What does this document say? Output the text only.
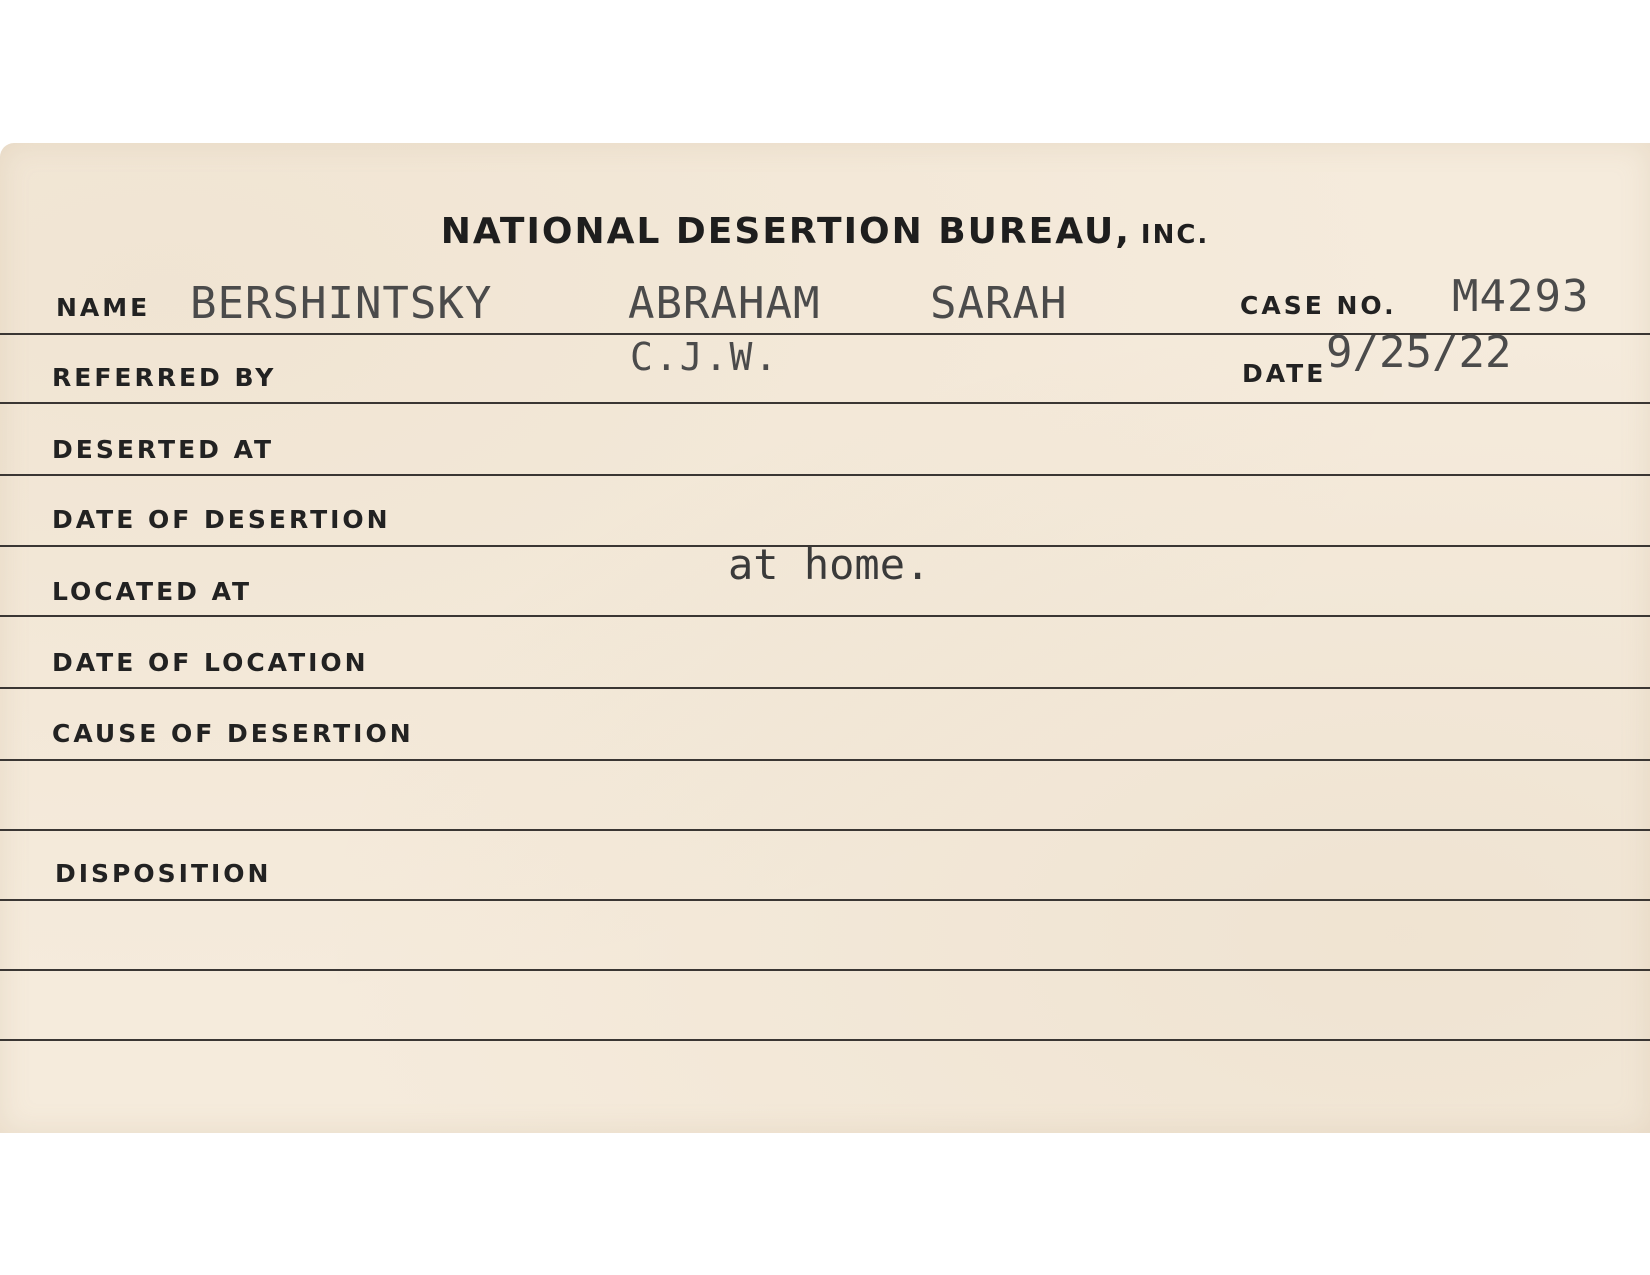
NATIONAL DESERTION BUREAU, INC.
NAME BERSHINTSKY	ABRAHAM SARAH	CASE NO. M4293
REFERRED BY	C.J.W.	DATE 9/25/22
DESERTED AT
DATE OF DESERTION
LOCATED AT
at home.
DATE OF LOCATION
CAUSE OF DESERTION
DISPOSITION
